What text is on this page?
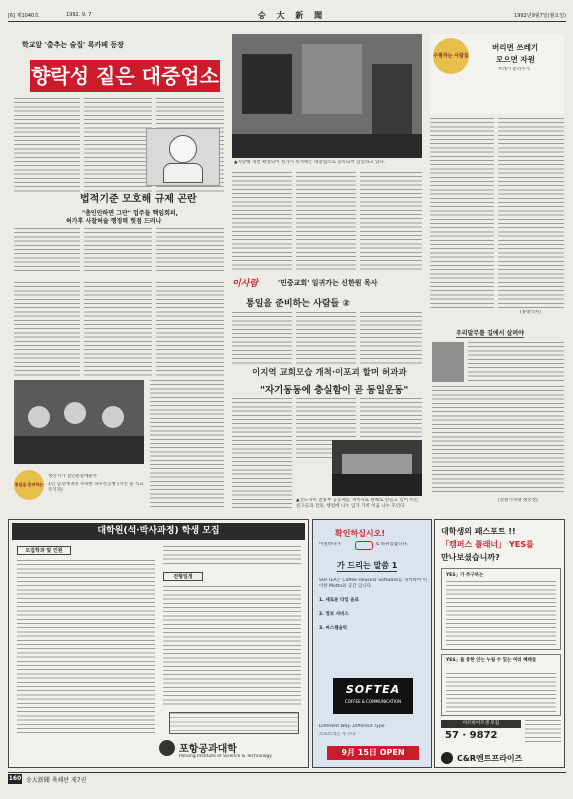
[6] 제1040호	1992. 9. 7	숭 大 新 聞	1992년9월7일(월요일)
학교앞 '춤추는 술집' 록카페 등장
향락성 짙은 대중업소
▲지난해 개설 확장되어 성가시 록카페는 대중업소로 등록되어 있있하고 있다.
법적기준 모호해 규제 곤란
"춤인안하면 그만" 업주들 핵임회피,
허가후 사찰허술 행정력 헛점 드러나
수필하는 사람들
버리면 쓰레기
모으면 자원
쓰레기 분리수거
(홍대석자)
우리말무를 길에서 살려야
(강원기자대 정궁결)
이사람	'민중교회' 일귀가는 신한원 목사
통일을 준비하는 사람들 ②
이지역 교회모습 개척·이포괴 할머 허과과
"자기동동에 충실함이 곧 동일운동"
통일을 준비하는
생산시가 점인운동에운두
1년 남짓에 4명 사목한 파우선공방 (사진 윤 직교주기자)
▲신도사이 전통부 공동체를 개척사로 원해로 만들고 있어 미인 친구들과 건의, 행점에 나누 입가 가족 이음 나누 모인다
대학원(석·박사과정) 학생 모집
모집학과 및 인원
전형일정
포항공과대학
Pohang Institute of Science & Technology
확인하십시오!
아철바다가	로 바뀌었습니다.
가 드리는 말씀 1
SOFTEA는 Coffee House와 Software를 개척하여 이이한 Motto와 공간 입니다.
1. 새로운 타입 음료
2. 정보 서비스
3. 씨스템음악
SOFTEA
COFFEE & COMMUNICATION
Different Way, Different Type
소프트리는 누구나
9月 15日 OPEN
대학생의 패스포트 !!
「캠퍼스 플래너」 YES를
만나보셨습니까?
YES」가 추구하는
YES」를 통한 안는 누릴 수 있는 여러 혜택들
아르바이트생 모집
57 · 9872
C&R엔트프라이즈
160 숭大新聞 축쇄판 제7권
